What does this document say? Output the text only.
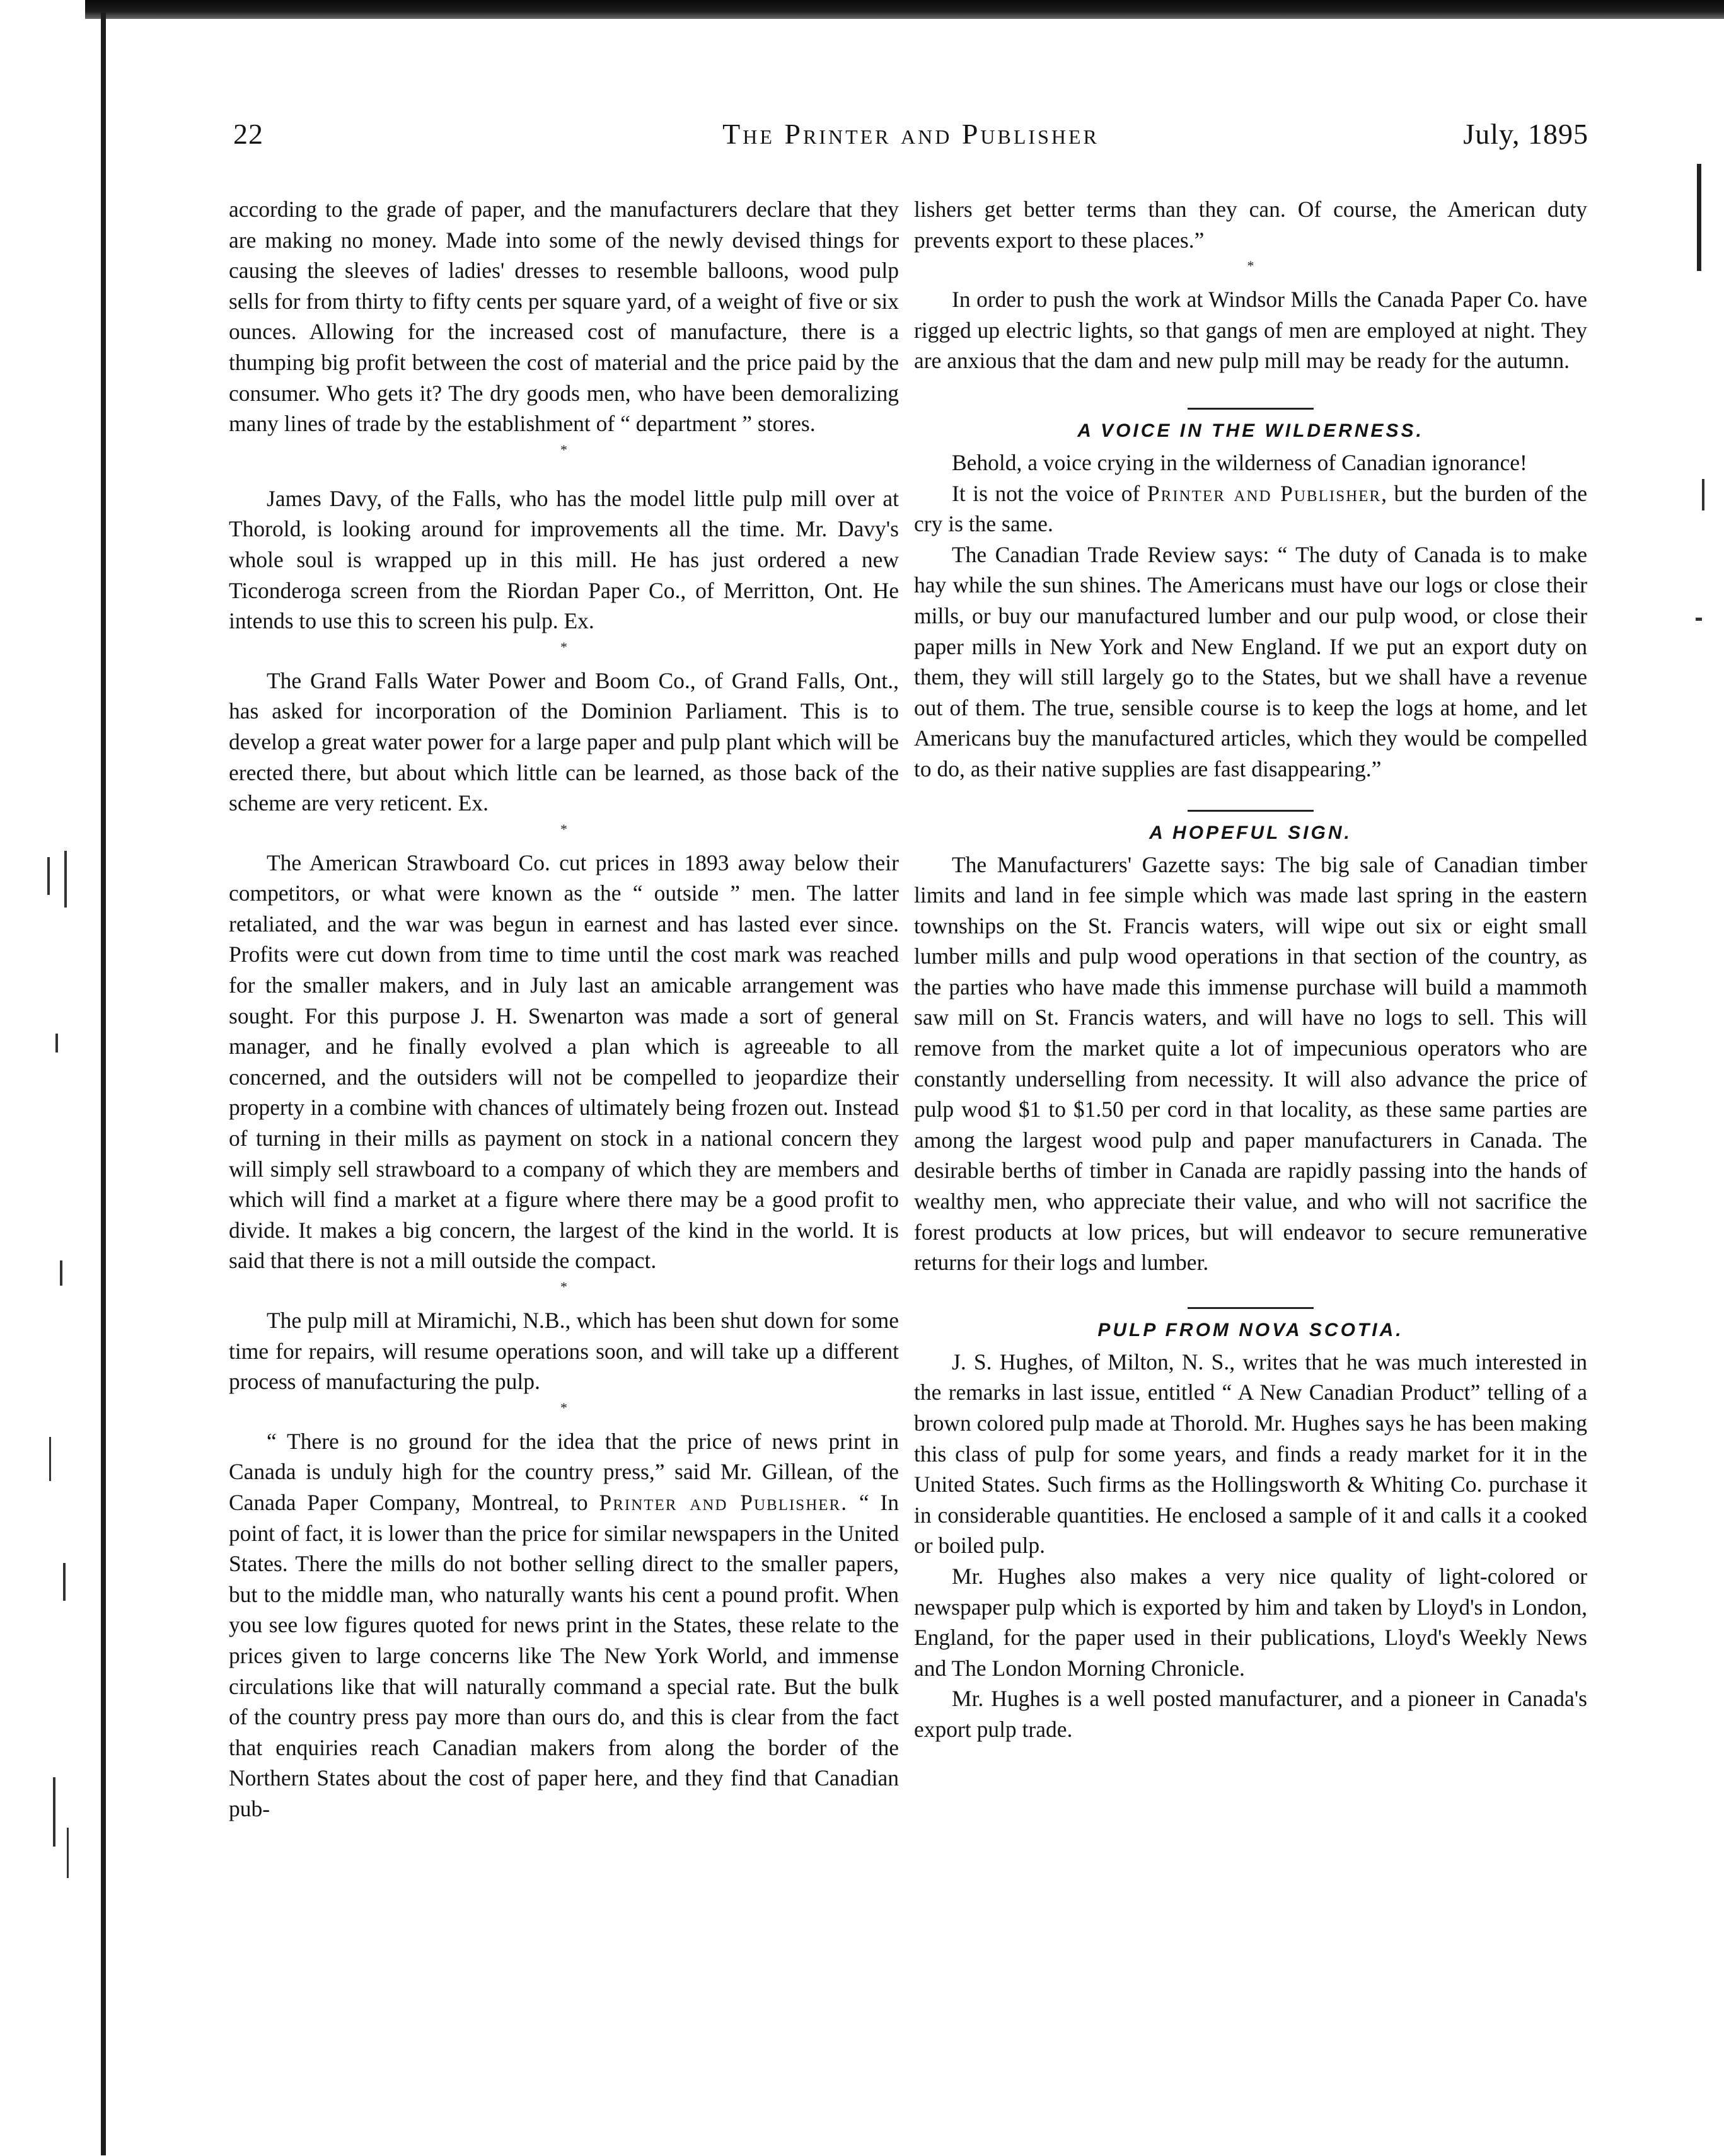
22	The Printer and Publisher	July, 1895

according to the grade of paper, and the manufacturers declare that they are making no money. Made into some of the newly devised things for causing the sleeves of ladies' dresses to resemble balloons, wood pulp sells for from thirty to fifty cents per square yard, of a weight of five or six ounces. Allowing for the increased cost of manufacture, there is a thumping big profit between the cost of material and the price paid by the consumer. Who gets it? The dry goods men, who have been demoralizing many lines of trade by the establishment of “ department ” stores.

*

James Davy, of the Falls, who has the model little pulp mill over at Thorold, is looking around for improvements all the time. Mr. Davy's whole soul is wrapped up in this mill. He has just ordered a new Ticonderoga screen from the Riordan Paper Co., of Merritton, Ont. He intends to use this to screen his pulp. Ex.

*

The Grand Falls Water Power and Boom Co., of Grand Falls, Ont., has asked for incorporation of the Dominion Parliament. This is to develop a great water power for a large paper and pulp plant which will be erected there, but about which little can be learned, as those back of the scheme are very reticent. Ex.

*

The American Strawboard Co. cut prices in 1893 away below their competitors, or what were known as the “ outside ” men. The latter retaliated, and the war was begun in earnest and has lasted ever since. Profits were cut down from time to time until the cost mark was reached for the smaller makers, and in July last an amicable arrangement was sought. For this purpose J. H. Swenarton was made a sort of general manager, and he finally evolved a plan which is agreeable to all concerned, and the outsiders will not be compelled to jeopardize their property in a combine with chances of ultimately being frozen out. Instead of turning in their mills as payment on stock in a national concern they will simply sell strawboard to a company of which they are members and which will find a market at a figure where there may be a good profit to divide. It makes a big concern, the largest of the kind in the world. It is said that there is not a mill outside the compact.

*

The pulp mill at Miramichi, N.B., which has been shut down for some time for repairs, will resume operations soon, and will take up a different process of manufacturing the pulp.

*

“ There is no ground for the idea that the price of news print in Canada is unduly high for the country press,” said Mr. Gillean, of the Canada Paper Company, Montreal, to Printer and Publisher. “ In point of fact, it is lower than the price for similar newspapers in the United States. There the mills do not bother selling direct to the smaller papers, but to the middle man, who naturally wants his cent a pound profit. When you see low figures quoted for news print in the States, these relate to the prices given to large concerns like The New York World, and immense circulations like that will naturally command a special rate. But the bulk of the country press pay more than ours do, and this is clear from the fact that enquiries reach Canadian makers from along the border of the Northern States about the cost of paper here, and they find that Canadian pub-

lishers get better terms than they can. Of course, the American duty prevents export to these places.”

*

In order to push the work at Windsor Mills the Canada Paper Co. have rigged up electric lights, so that gangs of men are employed at night. They are anxious that the dam and new pulp mill may be ready for the autumn.

A VOICE IN THE WILDERNESS.

Behold, a voice crying in the wilderness of Canadian ignorance!

It is not the voice of Printer and Publisher, but the burden of the cry is the same.

The Canadian Trade Review says: “ The duty of Canada is to make hay while the sun shines. The Americans must have our logs or close their mills, or buy our manufactured lumber and our pulp wood, or close their paper mills in New York and New England. If we put an export duty on them, they will still largely go to the States, but we shall have a revenue out of them. The true, sensible course is to keep the logs at home, and let Americans buy the manufactured articles, which they would be compelled to do, as their native supplies are fast disappearing.”

A HOPEFUL SIGN.

The Manufacturers' Gazette says: The big sale of Canadian timber limits and land in fee simple which was made last spring in the eastern townships on the St. Francis waters, will wipe out six or eight small lumber mills and pulp wood operations in that section of the country, as the parties who have made this immense purchase will build a mammoth saw mill on St. Francis waters, and will have no logs to sell. This will remove from the market quite a lot of impecunious operators who are constantly underselling from necessity. It will also advance the price of pulp wood $1 to $1.50 per cord in that locality, as these same parties are among the largest wood pulp and paper manufacturers in Canada. The desirable berths of timber in Canada are rapidly passing into the hands of wealthy men, who appreciate their value, and who will not sacrifice the forest products at low prices, but will endeavor to secure remunerative returns for their logs and lumber.

PULP FROM NOVA SCOTIA.

J. S. Hughes, of Milton, N. S., writes that he was much interested in the remarks in last issue, entitled “ A New Canadian Product” telling of a brown colored pulp made at Thorold. Mr. Hughes says he has been making this class of pulp for some years, and finds a ready market for it in the United States. Such firms as the Hollingsworth & Whiting Co. purchase it in considerable quantities. He enclosed a sample of it and calls it a cooked or boiled pulp.

Mr. Hughes also makes a very nice quality of light-colored or newspaper pulp which is exported by him and taken by Lloyd's in London, England, for the paper used in their publications, Lloyd's Weekly News and The London Morning Chronicle.

Mr. Hughes is a well posted manufacturer, and a pioneer in Canada's export pulp trade.
